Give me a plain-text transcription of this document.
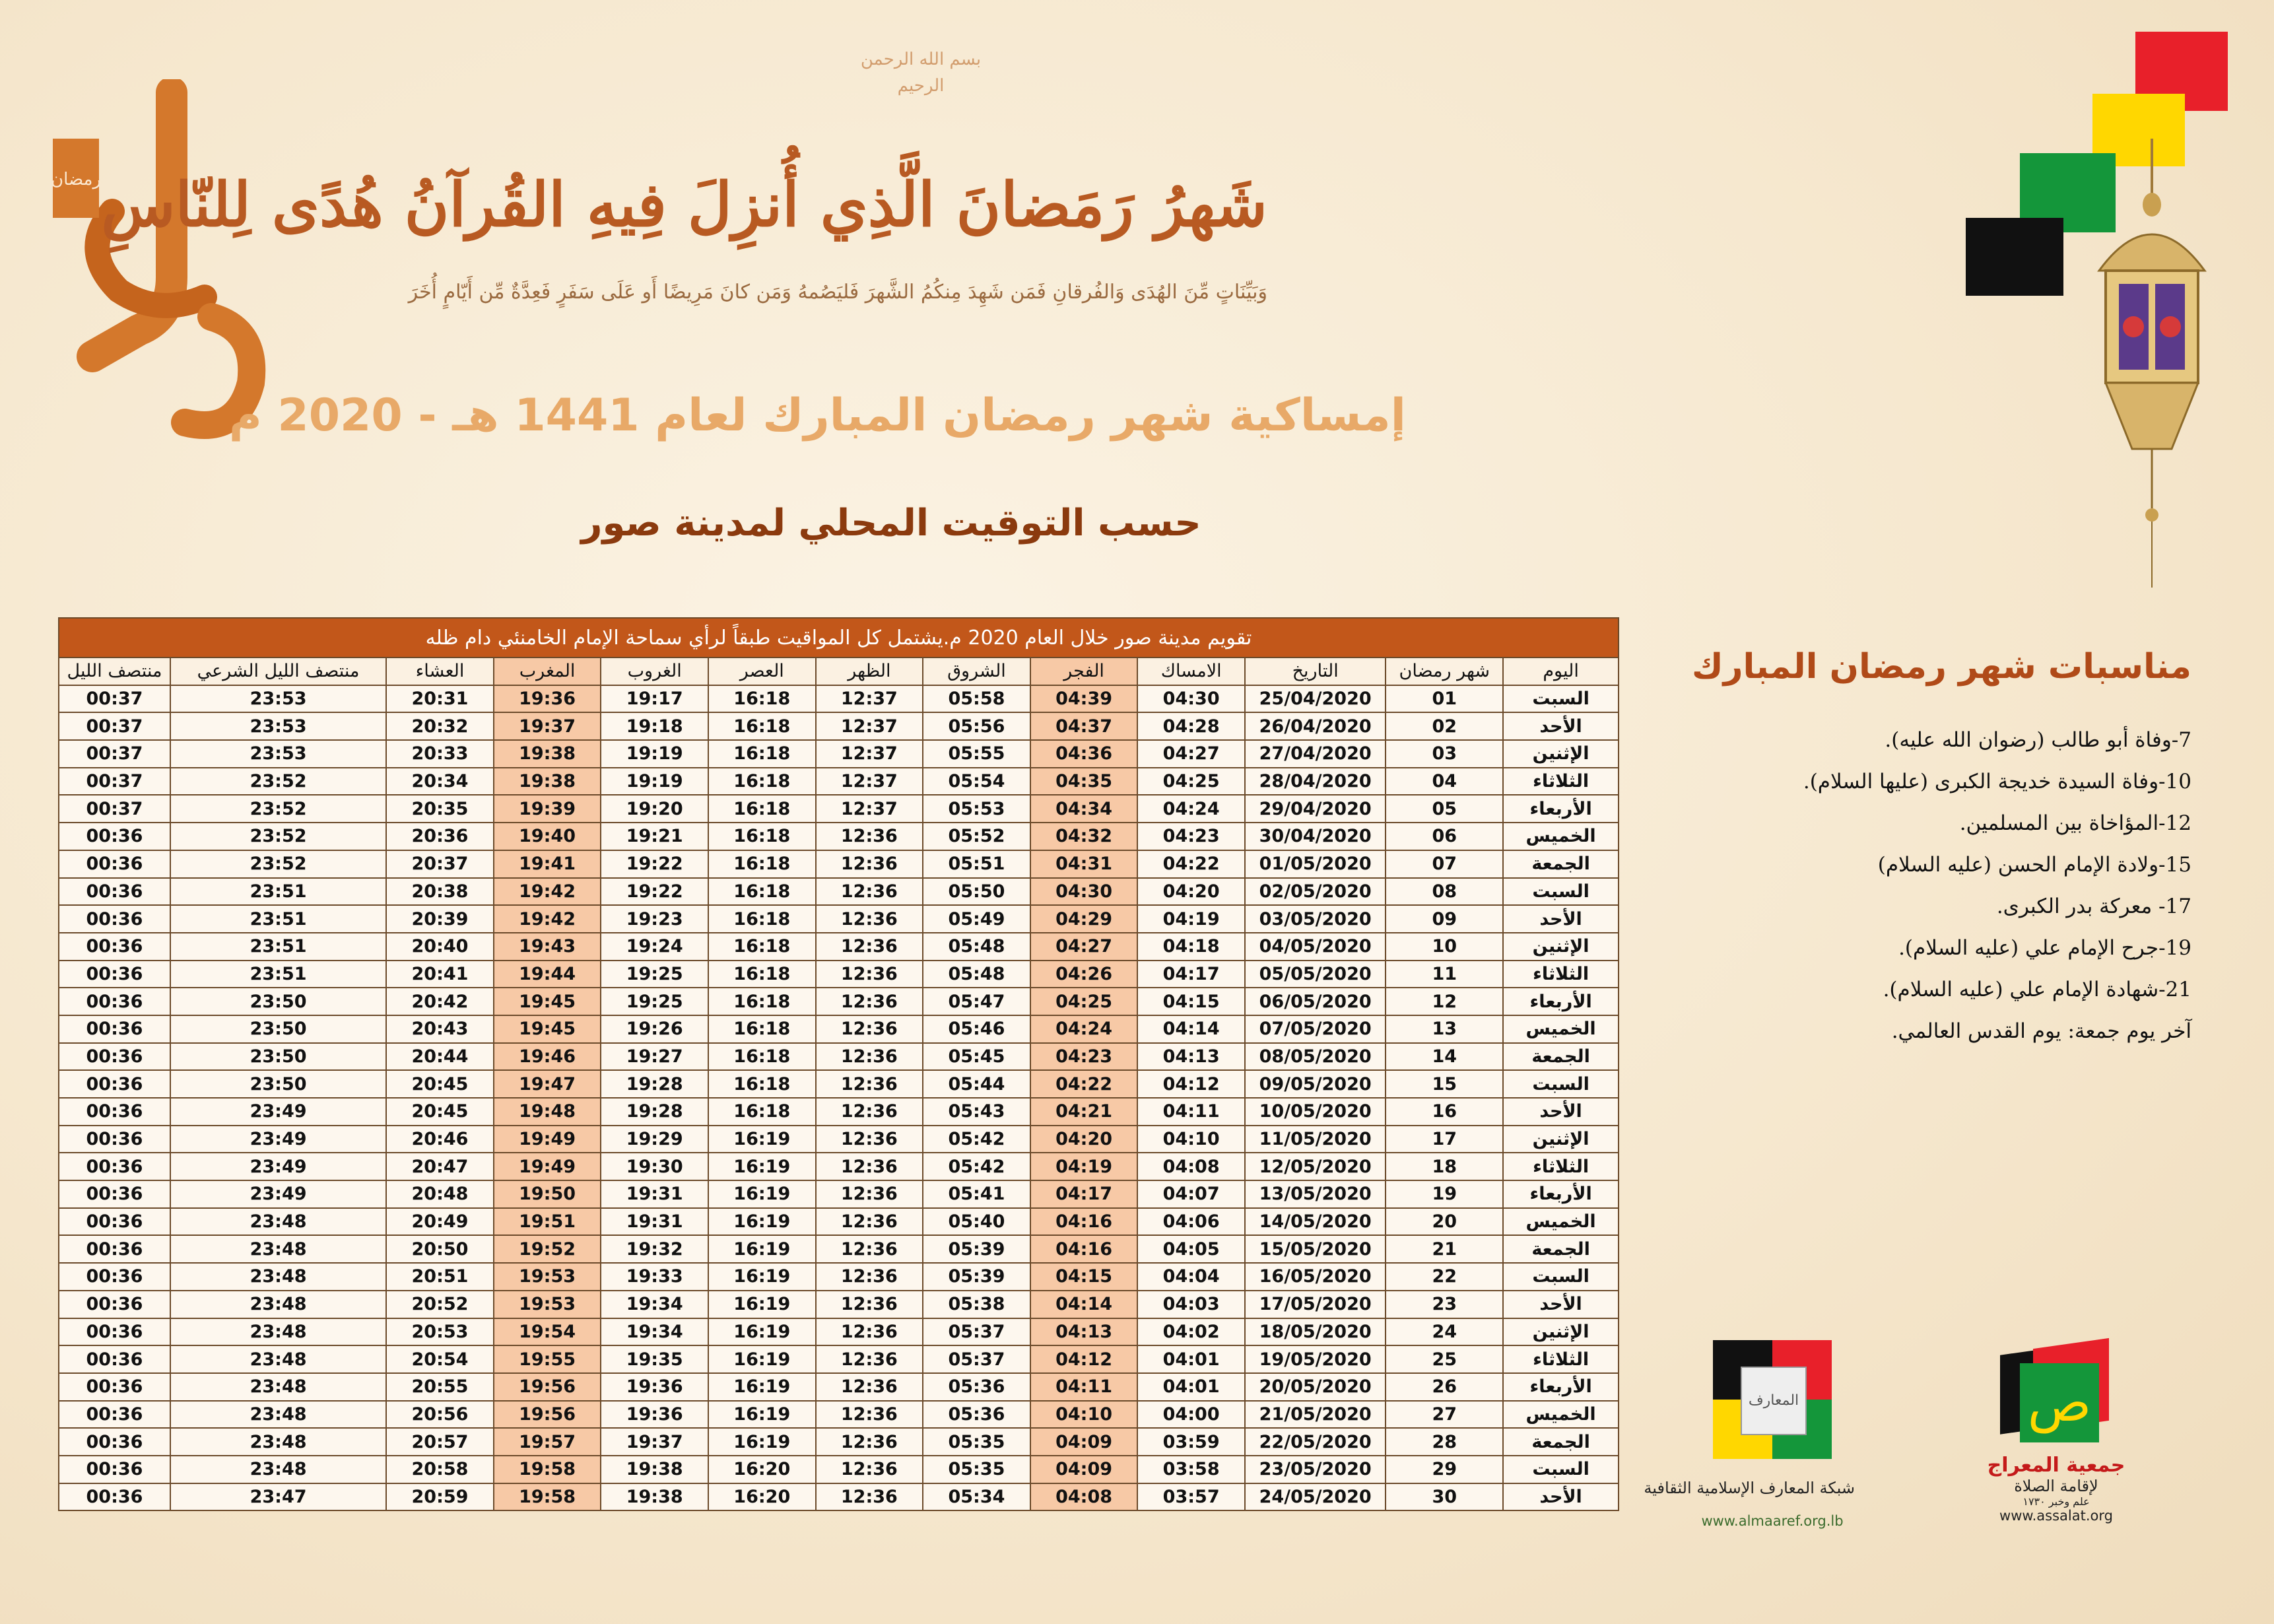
رمضان
بسم الله الرحمن الرحيم
شَهرُ رَمَضانَ الَّذِي أُنزِلَ فِيهِ القُرآنُ هُدًى لِلنّاسِ
وَبَيِّنَاتٍ مِّنَ الهُدَى وَالفُرقانِ فَمَن شَهِدَ مِنكُمُ الشَّهرَ فَليَصُمهُ وَمَن كانَ مَرِيضًا أَو عَلَى سَفَرٍ فَعِدَّةٌ مِّن أَيّامٍ أُخَرَ
إمساكية شهر رمضان المبارك لعام 1441 هـ - 2020 م
حسب التوقيت المحلي لمدينة صور
تقويم مدينة صور خلال العام 2020 م.يشتمل كل المواقيت طبقاً لرأي سماحة الإمام الخامنئي دام ظله												
اليوم	شهر رمضان	التاريخ	الامساك	الفجر	الشروق	الظهر	العصر	الغروب	المغرب	العشاء	منتصف الليل الشرعي	منتصف الليل
السبت	01	25/04/2020	04:30	04:39	05:58	12:37	16:18	19:17	19:36	20:31	23:53	00:37
الأحد	02	26/04/2020	04:28	04:37	05:56	12:37	16:18	19:18	19:37	20:32	23:53	00:37
الإثنين	03	27/04/2020	04:27	04:36	05:55	12:37	16:18	19:19	19:38	20:33	23:53	00:37
الثلاثاء	04	28/04/2020	04:25	04:35	05:54	12:37	16:18	19:19	19:38	20:34	23:52	00:37
الأربعاء	05	29/04/2020	04:24	04:34	05:53	12:37	16:18	19:20	19:39	20:35	23:52	00:37
الخميس	06	30/04/2020	04:23	04:32	05:52	12:36	16:18	19:21	19:40	20:36	23:52	00:36
الجمعة	07	01/05/2020	04:22	04:31	05:51	12:36	16:18	19:22	19:41	20:37	23:52	00:36
السبت	08	02/05/2020	04:20	04:30	05:50	12:36	16:18	19:22	19:42	20:38	23:51	00:36
الأحد	09	03/05/2020	04:19	04:29	05:49	12:36	16:18	19:23	19:42	20:39	23:51	00:36
الإثنين	10	04/05/2020	04:18	04:27	05:48	12:36	16:18	19:24	19:43	20:40	23:51	00:36
الثلاثاء	11	05/05/2020	04:17	04:26	05:48	12:36	16:18	19:25	19:44	20:41	23:51	00:36
الأربعاء	12	06/05/2020	04:15	04:25	05:47	12:36	16:18	19:25	19:45	20:42	23:50	00:36
الخميس	13	07/05/2020	04:14	04:24	05:46	12:36	16:18	19:26	19:45	20:43	23:50	00:36
الجمعة	14	08/05/2020	04:13	04:23	05:45	12:36	16:18	19:27	19:46	20:44	23:50	00:36
السبت	15	09/05/2020	04:12	04:22	05:44	12:36	16:18	19:28	19:47	20:45	23:50	00:36
الأحد	16	10/05/2020	04:11	04:21	05:43	12:36	16:18	19:28	19:48	20:45	23:49	00:36
الإثنين	17	11/05/2020	04:10	04:20	05:42	12:36	16:19	19:29	19:49	20:46	23:49	00:36
الثلاثاء	18	12/05/2020	04:08	04:19	05:42	12:36	16:19	19:30	19:49	20:47	23:49	00:36
الأربعاء	19	13/05/2020	04:07	04:17	05:41	12:36	16:19	19:31	19:50	20:48	23:49	00:36
الخميس	20	14/05/2020	04:06	04:16	05:40	12:36	16:19	19:31	19:51	20:49	23:48	00:36
الجمعة	21	15/05/2020	04:05	04:16	05:39	12:36	16:19	19:32	19:52	20:50	23:48	00:36
السبت	22	16/05/2020	04:04	04:15	05:39	12:36	16:19	19:33	19:53	20:51	23:48	00:36
الأحد	23	17/05/2020	04:03	04:14	05:38	12:36	16:19	19:34	19:53	20:52	23:48	00:36
الإثنين	24	18/05/2020	04:02	04:13	05:37	12:36	16:19	19:34	19:54	20:53	23:48	00:36
الثلاثاء	25	19/05/2020	04:01	04:12	05:37	12:36	16:19	19:35	19:55	20:54	23:48	00:36
الأربعاء	26	20/05/2020	04:01	04:11	05:36	12:36	16:19	19:36	19:56	20:55	23:48	00:36
الخميس	27	21/05/2020	04:00	04:10	05:36	12:36	16:19	19:36	19:56	20:56	23:48	00:36
الجمعة	28	22/05/2020	03:59	04:09	05:35	12:36	16:19	19:37	19:57	20:57	23:48	00:36
السبت	29	23/05/2020	03:58	04:09	05:35	12:36	16:20	19:38	19:58	20:58	23:48	00:36
الأحد	30	24/05/2020	03:57	04:08	05:34	12:36	16:20	19:38	19:58	20:59	23:47	00:36
مناسبات شهر رمضان المبارك
7-وفاة أبو طالب (رضوان الله عليه).
10-وفاة السيدة خديجة الكبرى (عليها السلام).
12-المؤاخاة بين المسلمين.
15-ولادة الإمام الحسن (عليه السلام)
17- معركة بدر الكبرى.
19-جرح الإمام علي (عليه السلام).
21-شهادة الإمام علي (عليه السلام).
آخر يوم جمعة: يوم القدس العالمي.
المعارف
شبكة المعارف الإسلامية الثقافية
www.almaaref.org.lb
ص
جمعية المعراج
لإقامة الصلاة
علم وخبر ١٧٣٠
www.assalat.org
